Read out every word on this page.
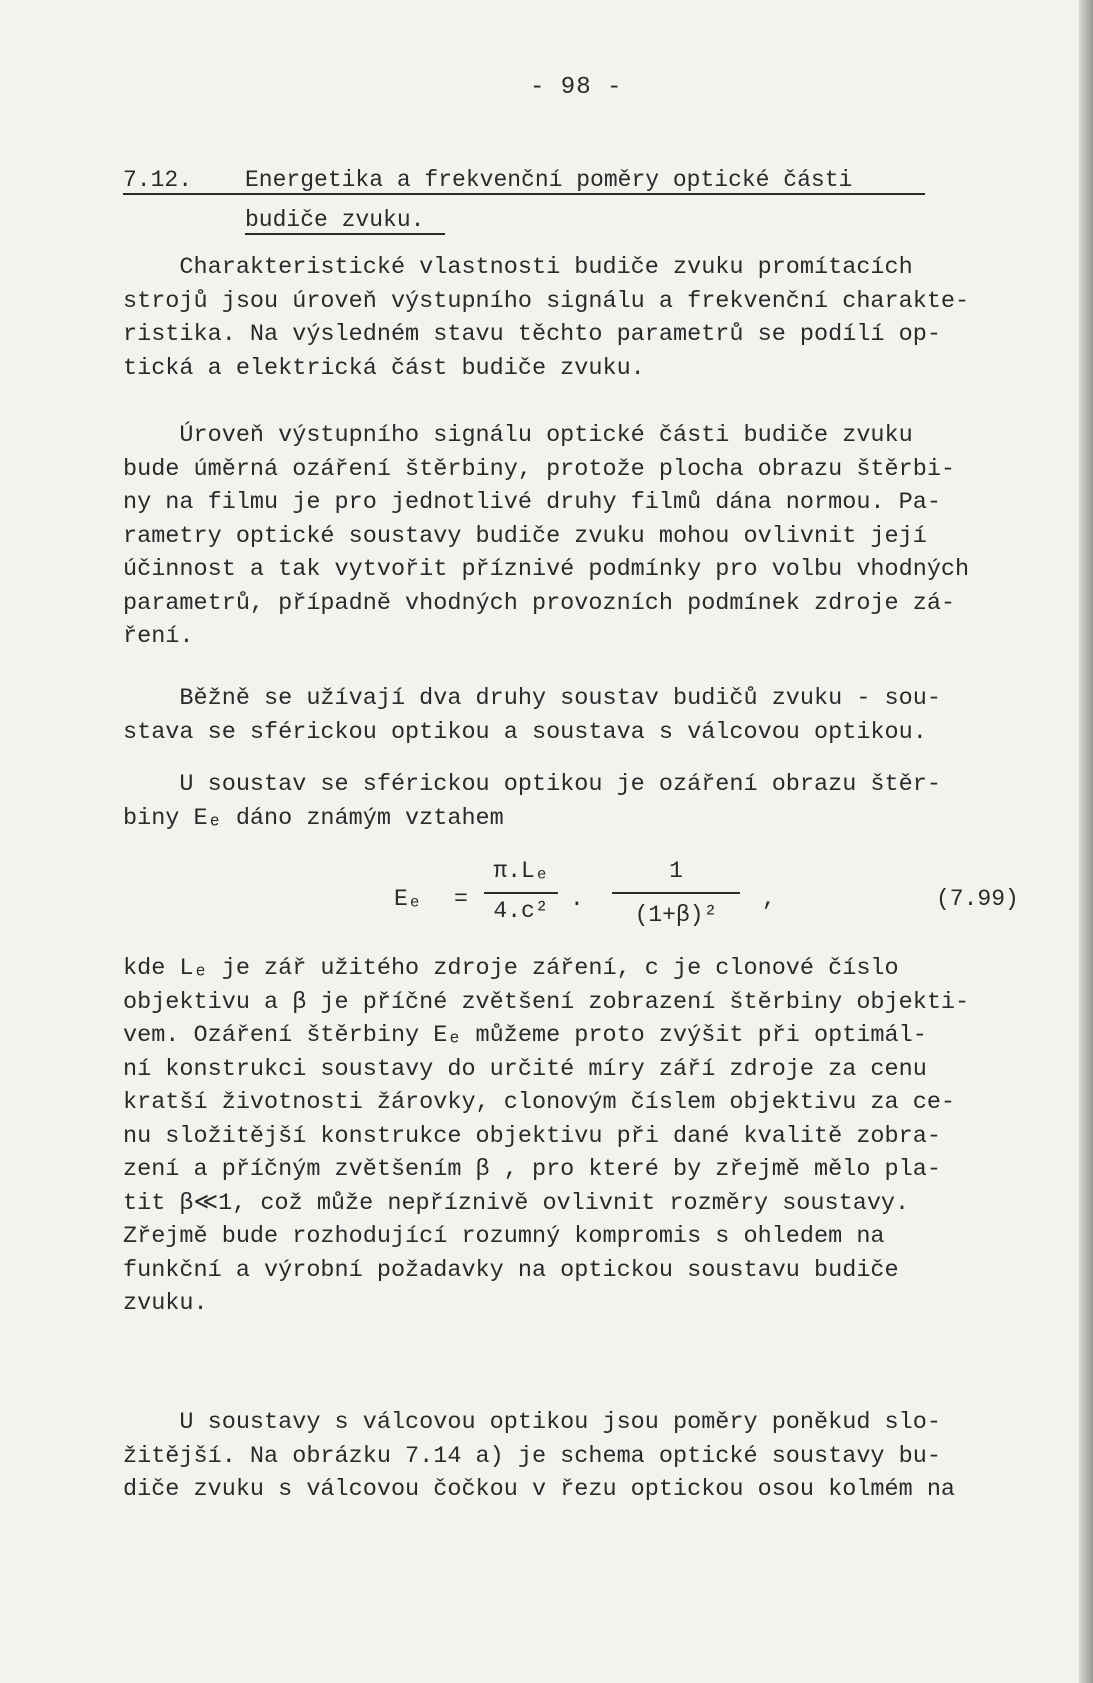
- 98 -
7.12. Energetika a frekvenční poměry optické části
budiče zvuku.

Charakteristické vlastnosti budiče zvuku promítacích
strojů jsou úroveň výstupního signálu a frekvenční charakte-
ristika. Na výsledném stavu těchto parametrů se podílí op-
tická a elektrická část budiče zvuku.

Úroveň výstupního signálu optické části budiče zvuku
bude úměrná ozáření štěrbiny, protože plocha obrazu štěrbi-
ny na filmu je pro jednotlivé druhy filmů dána normou. Pa-
rametry optické soustavy budiče zvuku mohou ovlivnit její
účinnost a tak vytvořit příznivé podmínky pro volbu vhodných
parametrů, případně vhodných provozních podmínek zdroje zá-
ření.

Běžně se užívají dva druhy soustav budičů zvuku - sou-
stava se sférickou optikou a soustava s válcovou optikou.

U soustav se sférickou optikou je ozáření obrazu štěr-
biny Eₑ dáno známým vztahem

Eₑ =
π.Lₑ
4.c² .
1
(1+β)²
,	(7.99)

kde Lₑ je zář užitého zdroje záření, c je clonové číslo
objektivu a β je příčné zvětšení zobrazení štěrbiny objekti-
vem. Ozáření štěrbiny Eₑ můžeme proto zvýšit při optimál-
ní konstrukci soustavy do určité míry září zdroje za cenu
kratší životnosti žárovky, clonovým číslem objektivu za ce-
nu složitější konstrukce objektivu při dané kvalitě zobra-
zení a příčným zvětšením β , pro které by zřejmě mělo pla-
tit β≪1, což může nepříznivě ovlivnit rozměry soustavy.
Zřejmě bude rozhodující rozumný kompromis s ohledem na
funkční a výrobní požadavky na optickou soustavu budiče
zvuku.

U soustavy s válcovou optikou jsou poměry poněkud slo-
žitější. Na obrázku 7.14 a) je schema optické soustavy bu-
diče zvuku s válcovou čočkou v řezu optickou osou kolmém na
